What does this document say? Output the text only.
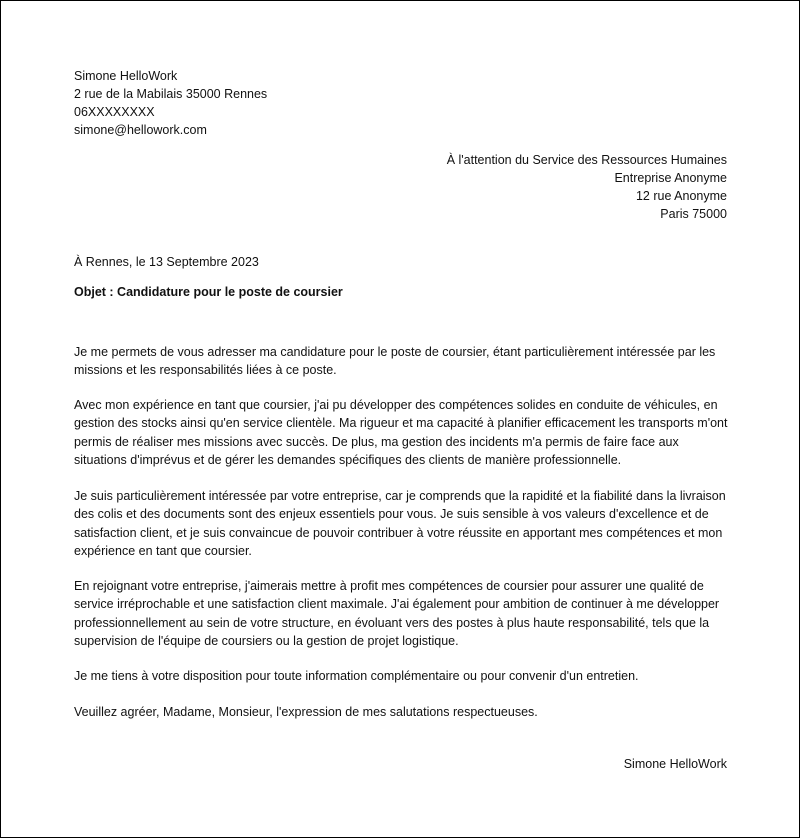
Simone HelloWork
2 rue de la Mabilais 35000 Rennes
06XXXXXXXX
simone@hellowork.com
À l'attention du Service des Ressources Humaines
Entreprise Anonyme
12 rue Anonyme
Paris 75000
À Rennes, le 13 Septembre 2023
Objet : Candidature pour le poste de coursier

Je me permets de vous adresser ma candidature pour le poste de coursier, étant particulièrement intéressée par les missions et les responsabilités liées à ce poste.

Avec mon expérience en tant que coursier, j'ai pu développer des compétences solides en conduite de véhicules, en gestion des stocks ainsi qu'en service clientèle. Ma rigueur et ma capacité à planifier efficacement les transports m'ont permis de réaliser mes missions avec succès. De plus, ma gestion des incidents m'a permis de faire face aux situations d'imprévus et de gérer les demandes spécifiques des clients de manière professionnelle.

Je suis particulièrement intéressée par votre entreprise, car je comprends que la rapidité et la fiabilité dans la livraison des colis et des documents sont des enjeux essentiels pour vous. Je suis sensible à vos valeurs d'excellence et de satisfaction client, et je suis convaincue de pouvoir contribuer à votre réussite en apportant mes compétences et mon expérience en tant que coursier.

En rejoignant votre entreprise, j'aimerais mettre à profit mes compétences de coursier pour assurer une qualité de service irréprochable et une satisfaction client maximale. J'ai également pour ambition de continuer à me développer professionnellement au sein de votre structure, en évoluant vers des postes à plus haute responsabilité, tels que la supervision de l'équipe de coursiers ou la gestion de projet logistique.

Je me tiens à votre disposition pour toute information complémentaire ou pour convenir d'un entretien.

Veuillez agréer, Madame, Monsieur, l'expression de mes salutations respectueuses.

Simone HelloWork
